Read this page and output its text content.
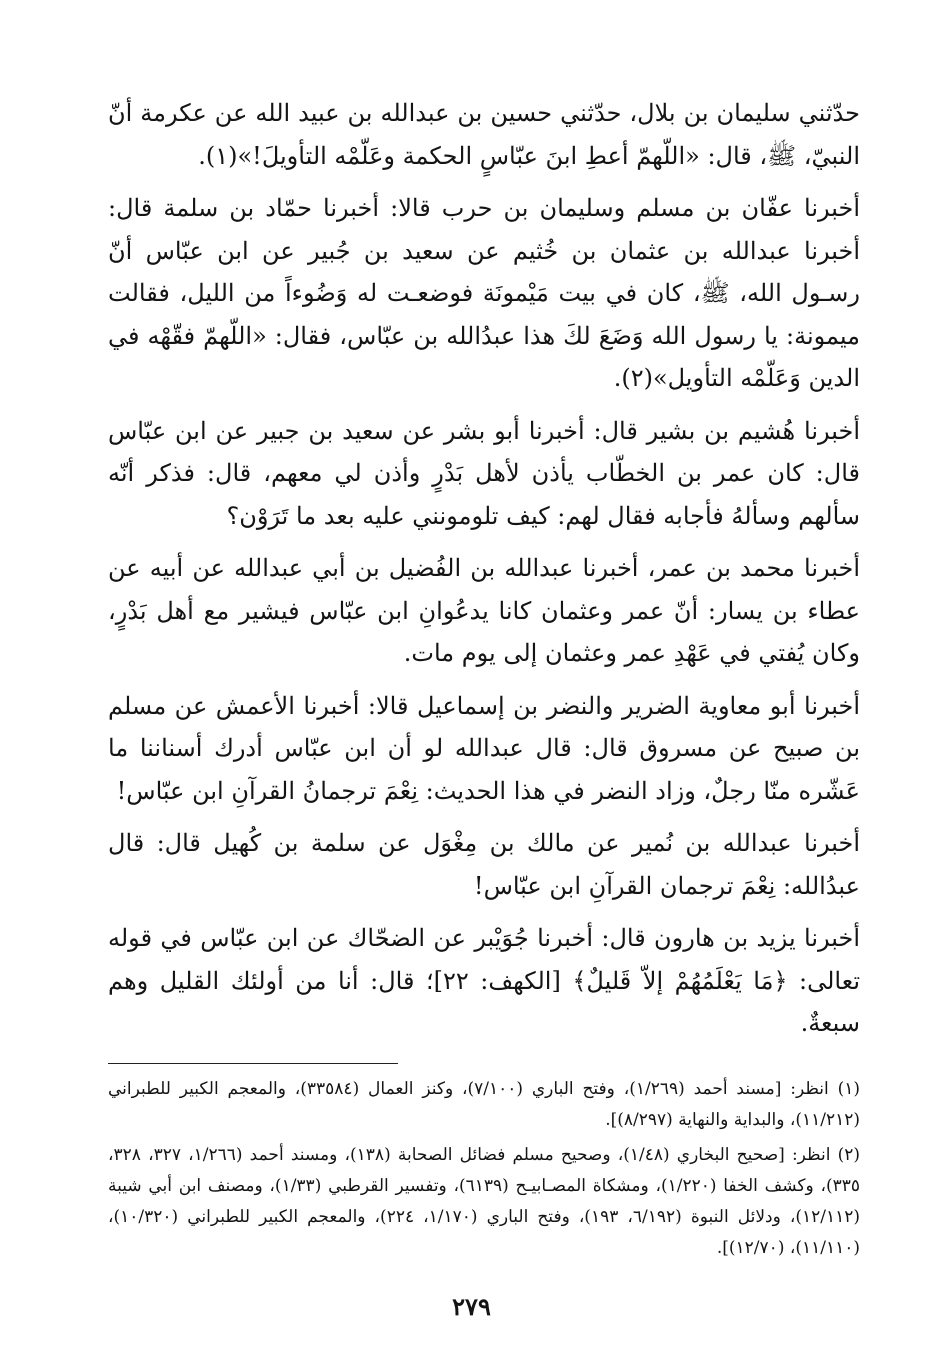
حدّثني سليمان بن بلال، حدّثني حسين بن عبدالله بن عبيد الله عن عكرمة أنّ النبيّ، ﷺ، قال: «اللّهمّ أعطِ ابنَ عبّاسٍ الحكمة وعَلّمْه التأويلَ!»(١).

أخبرنا عفّان بن مسلم وسليمان بن حرب قالا: أخبرنا حمّاد بن سلمة قال: أخبرنا عبدالله بن عثمان بن خُثيم عن سعيد بن جُبير عن ابن عبّاس أنّ رسـول الله، ﷺ، كان في بيت مَيْمونَة فوضعـت له وَضُوءاً من الليل، فقالت ميمونة: يا رسول الله وَضَعَ لكَ هذا عبدُالله بن عبّاس، فقال: «اللّهمّ فقّهْه في الدين وَعَلّمْه التأويل»(٢).

أخبرنا هُشيم بن بشير قال: أخبرنا أبو بشر عن سعيد بن جبير عن ابن عبّاس قال: كان عمر بن الخطّاب يأذن لأهل بَدْرٍ وأذن لي معهم، قال: فذكر أنّه سألهم وسألهُ فأجابه فقال لهم: كيف تلومونني عليه بعد ما تَرَوْن؟

أخبرنا محمد بن عمر، أخبرنا عبدالله بن الفُضيل بن أبي عبدالله عن أبيه عن عطاء بن يسار: أنّ عمر وعثمان كانا يدعُوانِ ابن عبّاس فيشير مع أهل بَدْرٍ، وكان يُفتي في عَهْدِ عمر وعثمان إلى يوم مات.

أخبرنا أبو معاوية الضرير والنضر بن إسماعيل قالا: أخبرنا الأعمش عن مسلم بن صبيح عن مسروق قال: قال عبدالله لو أن ابن عبّاس أدرك أسناننا ما عَشّره منّا رجلٌ، وزاد النضر في هذا الحديث: نِعْمَ ترجمانُ القرآنِ ابن عبّاس!

أخبرنا عبدالله بن نُمير عن مالك بن مِغْوَل عن سلمة بن كُهيل قال: قال عبدُالله: نِعْمَ ترجمان القرآنِ ابن عبّاس!

أخبرنا يزيد بن هارون قال: أخبرنا جُوَيْبر عن الضحّاك عن ابن عبّاس في قوله تعالى: ﴿مَا يَعْلَمُهُمْ إلاّ قَليلٌ﴾ [الكهف: ٢٢]؛ قال: أنا من أولئك القليل وهم سبعةٌ.

(١) انظر: [مسند أحمد (١/٢٦٩)، وفتح الباري (٧/١٠٠)، وكنز العمال (٣٣٥٨٤)، والمعجم الكبير للطبراني (١١/٢١٢)، والبداية والنهاية (٨/٢٩٧)].

(٢) انظر: [صحيح البخاري (١/٤٨)، وصحيح مسلم فضائل الصحابة (١٣٨)، ومسند أحمد (١/٢٦٦، ٣٢٧، ٣٢٨، ٣٣٥)، وكشف الخفا (١/٢٢٠)، ومشكاة المصـابيـح (٦١٣٩)، وتفسير القرطبي (١/٣٣)، ومصنف ابن أبي شيبة (١٢/١١٢)، ودلائل النبوة (٦/١٩٢، ١٩٣)، وفتح الباري (١/١٧٠، ٢٢٤)، والمعجم الكبير للطبراني (١٠/٣٢٠)، (١١/١١٠)، (١٢/٧٠)].

٢٧٩
